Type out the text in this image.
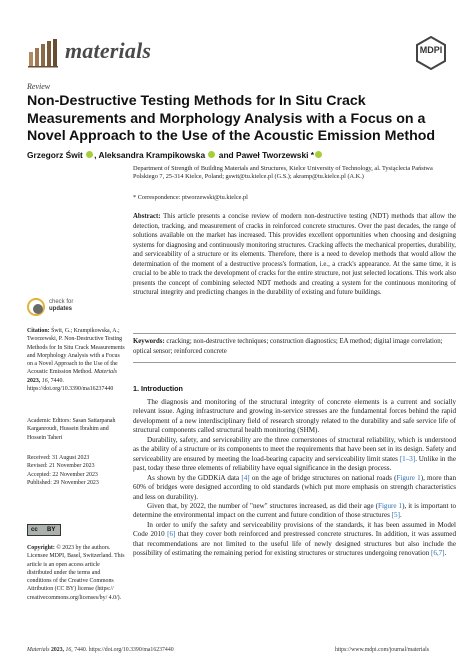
materials	MDPI
Review
Non-Destructive Testing Methods for In Situ Crack Measurements and Morphology Analysis with a Focus on a Novel Approach to the Use of the Acoustic Emission Method
Grzegorz Świt , Aleksandra Krampikowska  and Paweł Tworzewski *
Department of Strength of Building Materials and Structures, Kielce University of Technology, al. Tysiąclecia Państwa Polskiego 7, 25-314 Kielce, Poland; gswit@tu.kielce.pl (G.S.); akramp@tu.kielce.pl (A.K.)
* Correspondence: ptworzewski@tu.kielce.pl
Abstract: This article presents a concise review of modern non-destructive testing (NDT) methods that allow the detection, tracking, and measurement of cracks in reinforced concrete structures. Over the past decades, the range of solutions available on the market has increased. This provides excellent opportunities when choosing and designing systems for diagnosing and continuously monitoring structures. Cracking affects the mechanical properties, durability, and serviceability of a structure or its elements. Therefore, there is a need to develop methods that would allow the determination of the moment of a destructive process's formation, i.e., a crack's appearance. At the same time, it is crucial to be able to track the development of cracks for the entire structure, not just selected locations. This work also presents the concept of combining selected NDT methods and creating a system for the continuous monitoring of structural integrity and predicting changes in the durability of existing and future buildings.
Keywords: cracking; non-destructive techniques; construction diagnostics; EA method; digital image correlation; optical sensor; reinforced concrete
check for
updates
Citation: Świt, G.; Krampikowska, A.; Tworzewski, P. Non-Destructive Testing Methods for In Situ Crack Measurements and Morphology Analysis with a Focus on a Novel Approach to the Use of the Acoustic Emission Method. Materials 2023, 16, 7440. https://doi.org/10.3390/ma16237440
Academic Editors: Sasan Sattarpanah Karganroudi, Hussein Ibrahim and Hossein Taheri
Received: 31 August 2023
Revised: 21 November 2023
Accepted: 22 November 2023
Published: 29 November 2023
cc BY
Copyright: © 2023 by the authors. Licensee MDPI, Basel, Switzerland. This article is an open access article distributed under the terms and conditions of the Creative Commons Attribution (CC BY) license (https:// creativecommons.org/licenses/by/ 4.0/).
1. Introduction

The diagnosis and monitoring of the structural integrity of concrete elements is a current and socially relevant issue. Aging infrastructure and growing in-service stresses are the fundamental forces behind the rapid development of a new interdisciplinary field of research strongly related to the durability and safe service life of structural components called structural health monitoring (SHM).

Durability, safety, and serviceability are the three cornerstones of structural reliability, which is understood as the ability of a structure or its components to meet the requirements that have been set in its design. Safety and serviceability are ensured by meeting the load-bearing capacity and serviceability limit states [1–3]. Unlike in the past, today these three elements of reliability have equal significance in the design process.

As shown by the GDDKiA data [4] on the age of bridge structures on national roads (Figure 1), more than 60% of bridges were designed according to old standards (which put more emphasis on strength characteristics and less on durability).

Given that, by 2022, the number of "new" structures increased, as did their age (Figure 1), it is important to determine the environmental impact on the current and future condition of those structures [5].

In order to unify the safety and serviceability provisions of the standards, it has been assumed in Model Code 2010 [6] that they cover both reinforced and prestressed concrete structures. In addition, it was assumed that recommendations are not limited to the useful life of newly designed structures but also include the possibility of estimating the remaining period for existing structures or structures undergoing renovation [6,7].

Materials 2023, 16, 7440. https://doi.org/10.3390/ma16237440	https://www.mdpi.com/journal/materials
